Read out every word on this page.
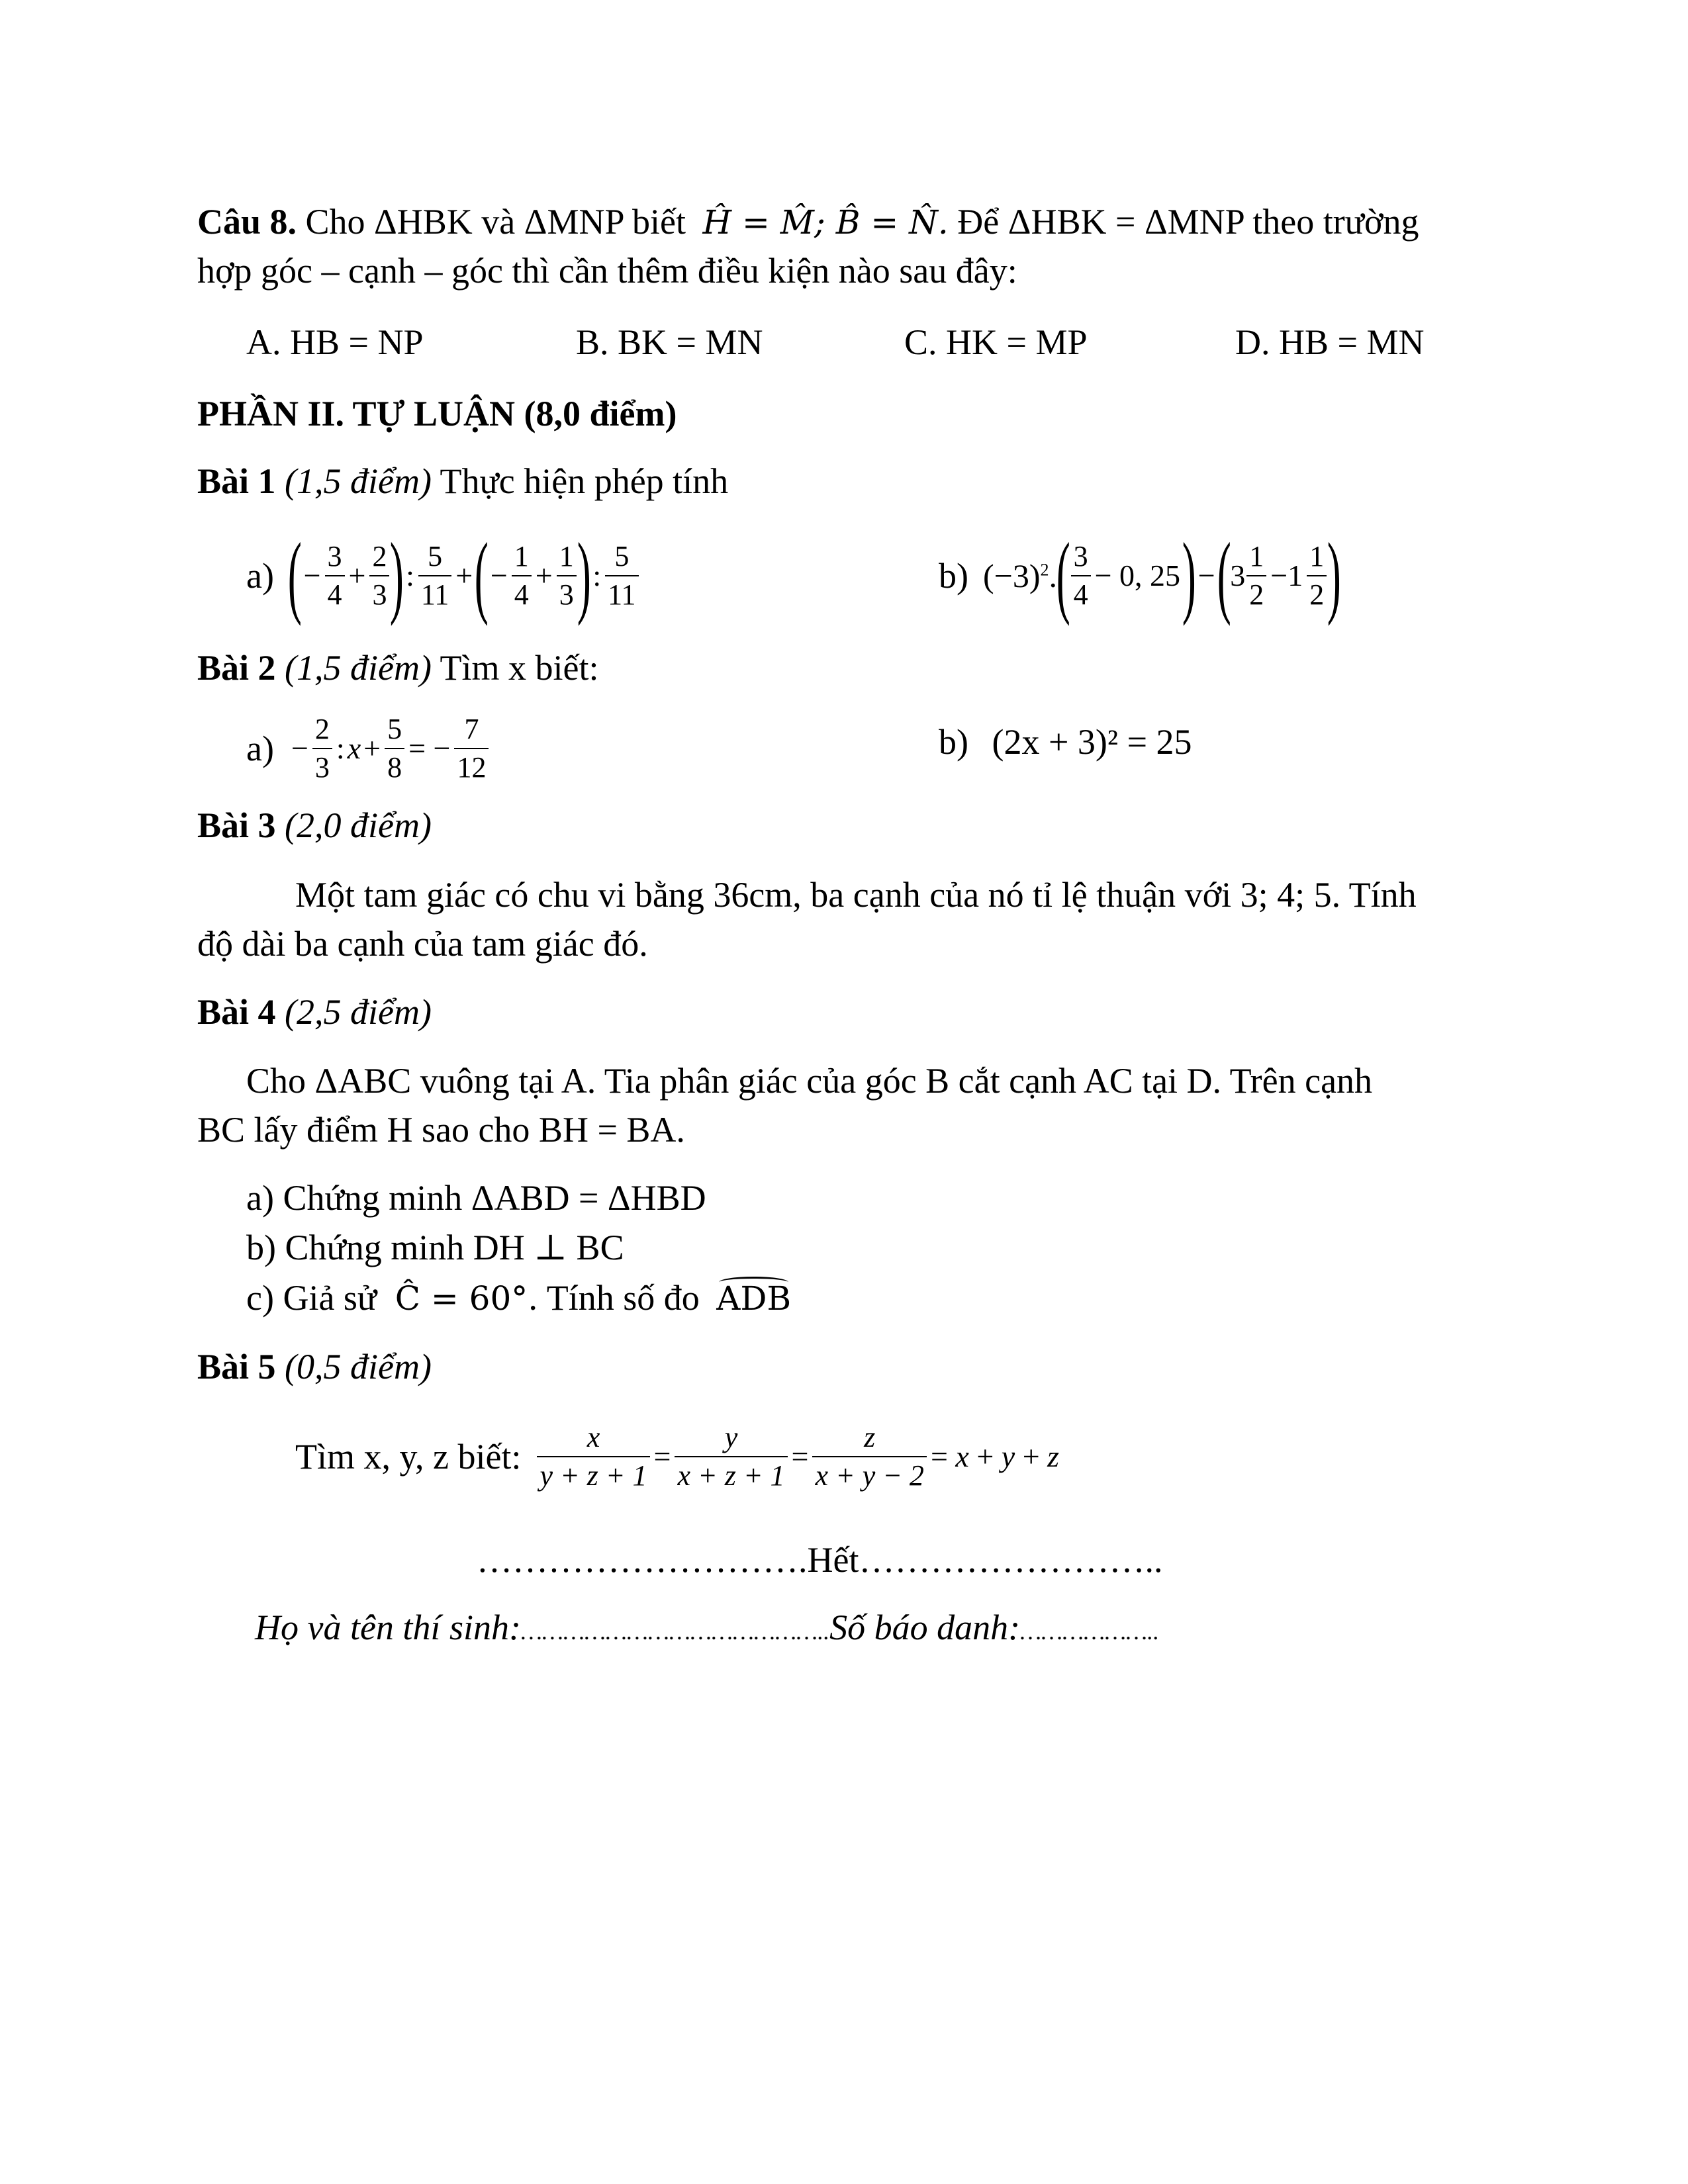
Câu 8. Cho ΔHBK và ΔMNP biết Ĥ = M̂; B̂ = N̂. Để ΔHBK = ΔMNP theo trường
hợp góc – cạnh – góc thì cần thêm điều kiện nào sau đây:
A. HB = NP	B. BK = MN	C. HK = MP	D. HB = MN
PHẦN II. TỰ LUẬN (8,0 điểm)
Bài 1 (1,5 điểm) Thực hiện phép tính
a) ( − $\frac{3}{4} + \frac{2}{3}$ ) : $\frac{5}{11}$ + ( − $\frac{1}{4} + \frac{1}{3}$ ) : $\frac{5}{11}$	b) $(-3)^2$.
( $\frac{3}{4} - 0$, 25 ) − (
$3 \frac{1}{2} -1 \frac{1}{2}$ )
Bài 2 (1,5 điểm) Tìm x biết:
$a) - \frac{2}{3}$ : $x + \frac{5}{8}$ = − $\frac{7}{12}$	b) (2x + 3)² = 25
Bài 3 (2,0 điểm)
Một tam giác có chu vi bằng 36cm, ba cạnh của nó tỉ lệ thuận với 3; 4; 5. Tính
độ dài ba cạnh của tam giác đó.
Bài 4 (2,5 điểm)
Cho ΔABC vuông tại A. Tia phân giác của góc B cắt cạnh AC tại D. Trên cạnh
BC lấy điểm H sao cho BH = BA.
a) Chứng minh ΔABD = ΔHBD
b) Chứng minh DH ⊥ BC
c) Giả sử Ĉ = 60°. Tính số đo ADB
Bài 5 (0,5 điểm)
Tìm x, y, z biết: $\frac{x}{y + z + 1} = \frac{y}{x + z + 1} = \frac{z}{x + y - 2} = x + y + z$
……………………….Hết……………………..
Họ và tên thí sinh:……………………………………..Số báo danh:………………..
